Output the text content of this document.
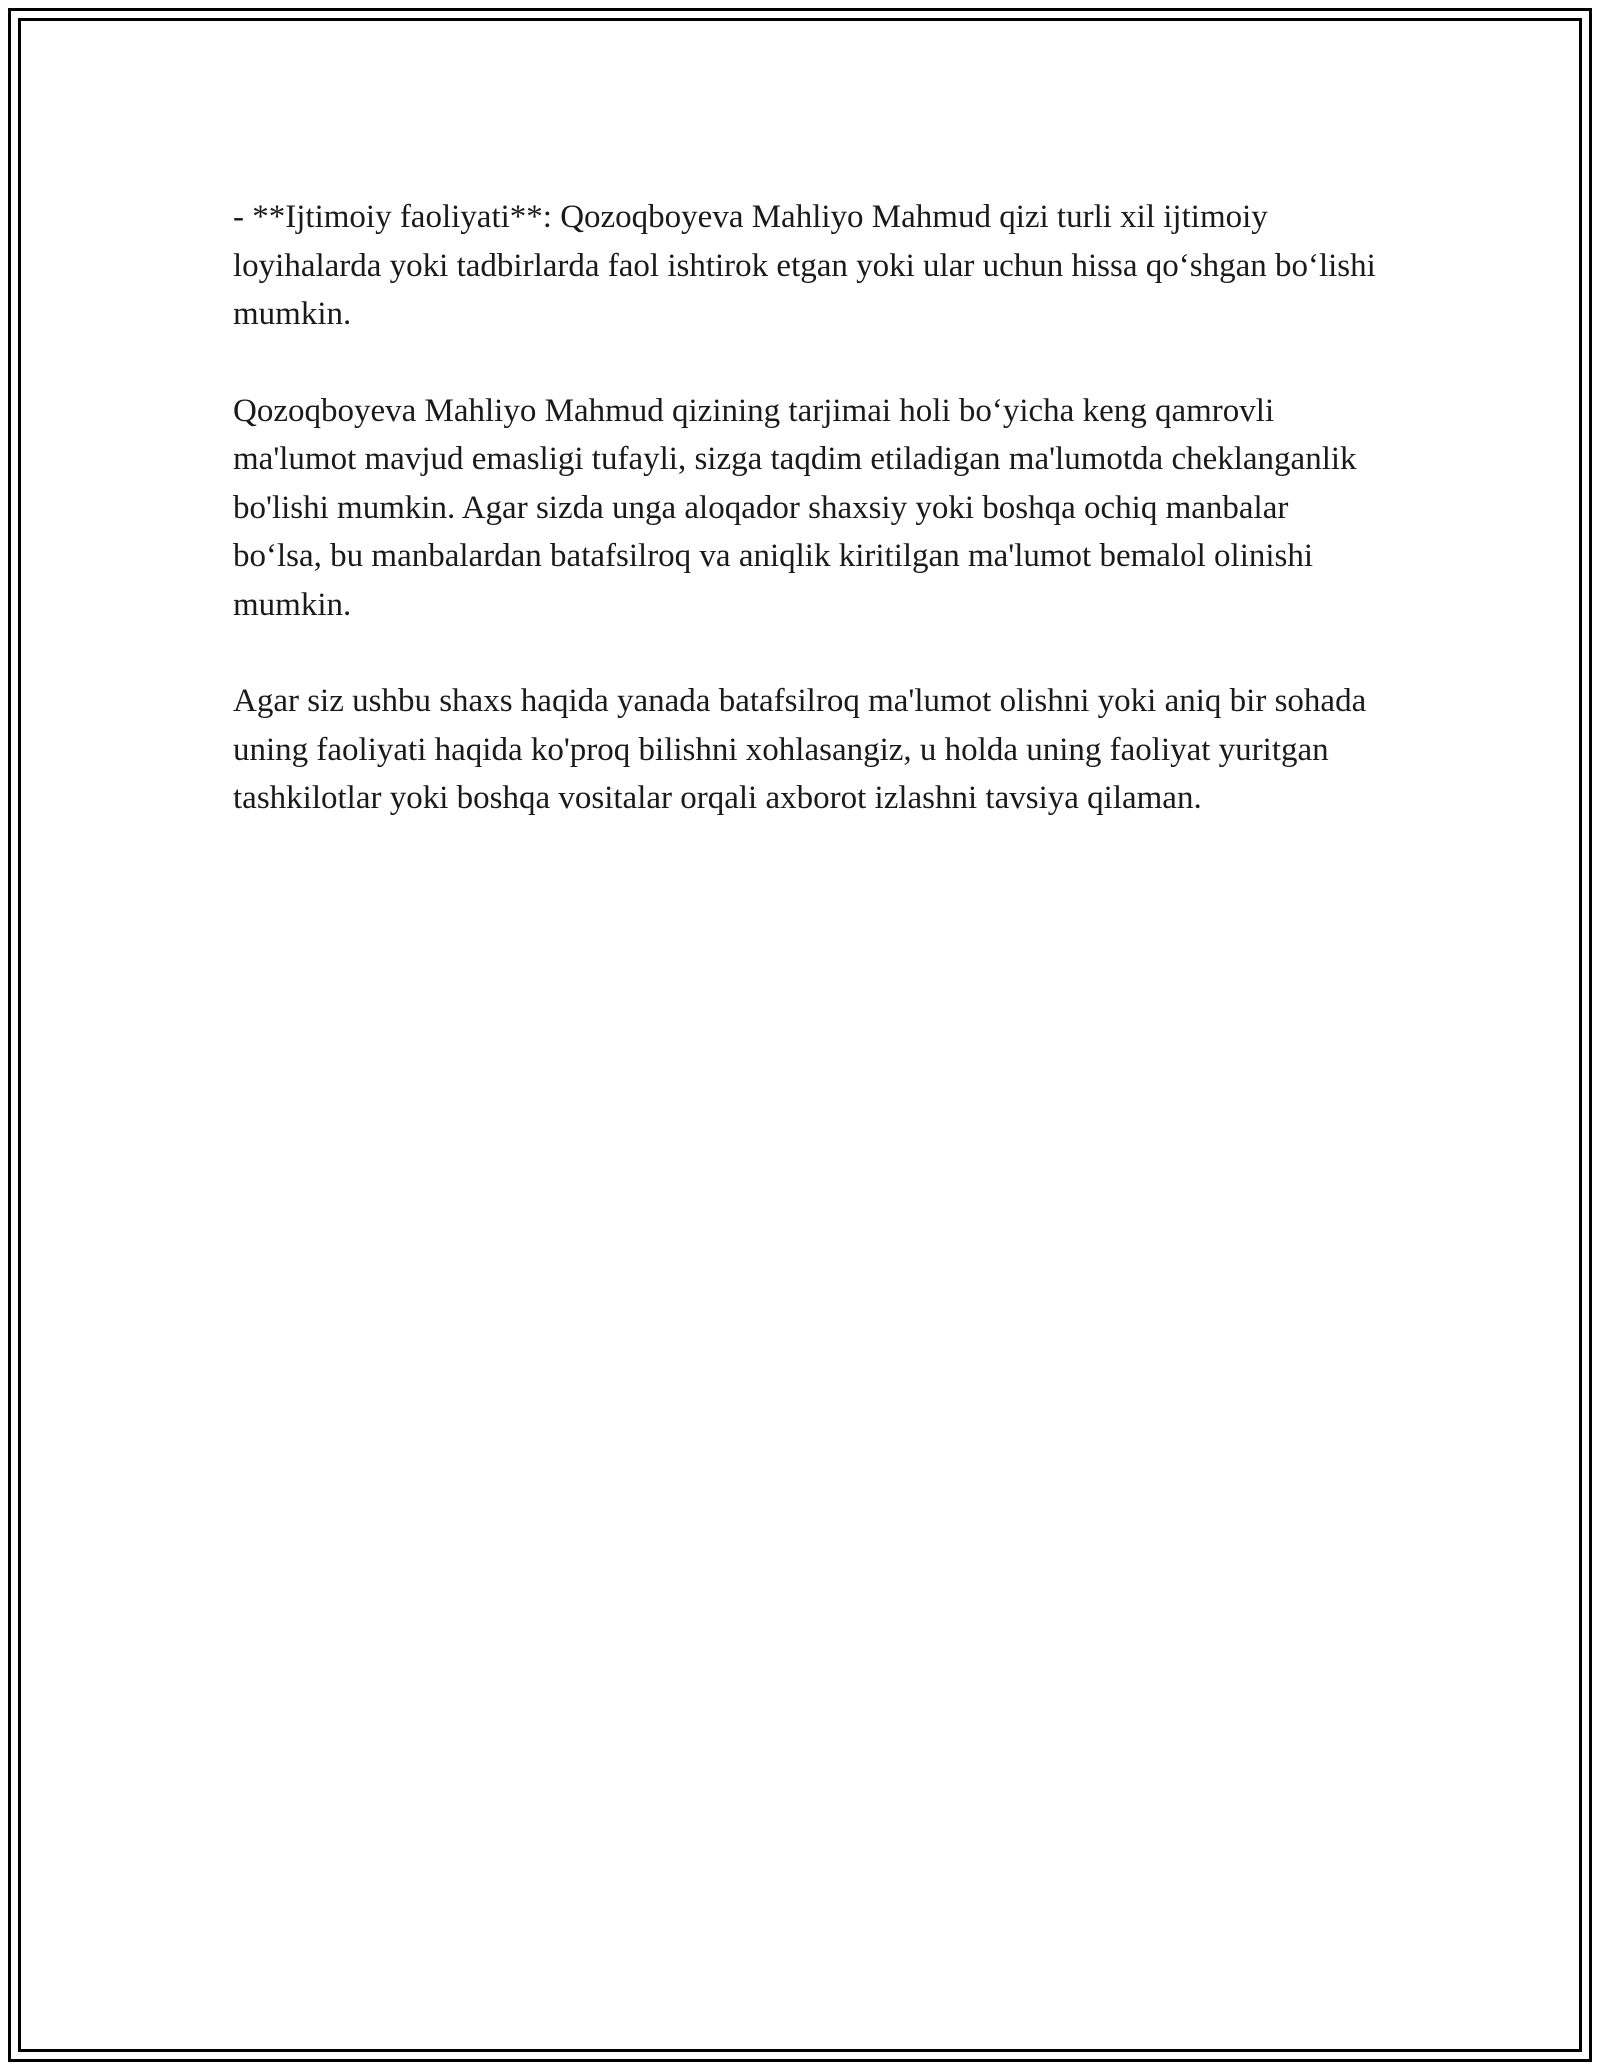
- **Ijtimoiy faoliyati**: Qozoqboyeva Mahliyo Mahmud qizi turli xil ijtimoiy loyihalarda yoki tadbirlarda faol ishtirok etgan yoki ular uchun hissa qo‘shgan bo‘lishi mumkin.

Qozoqboyeva Mahliyo Mahmud qizining tarjimai holi bo‘yicha keng qamrovli ma'lumot mavjud emasligi tufayli, sizga taqdim etiladigan ma'lumotda cheklanganlik bo'lishi mumkin. Agar sizda unga aloqador shaxsiy yoki boshqa ochiq manbalar bo‘lsa, bu manbalardan batafsilroq va aniqlik kiritilgan ma'lumot bemalol olinishi mumkin.

Agar siz ushbu shaxs haqida yanada batafsilroq ma'lumot olishni yoki aniq bir sohada uning faoliyati haqida ko'proq bilishni xohlasangiz, u holda uning faoliyat yuritgan tashkilotlar yoki boshqa vositalar orqali axborot izlashni tavsiya qilaman.
